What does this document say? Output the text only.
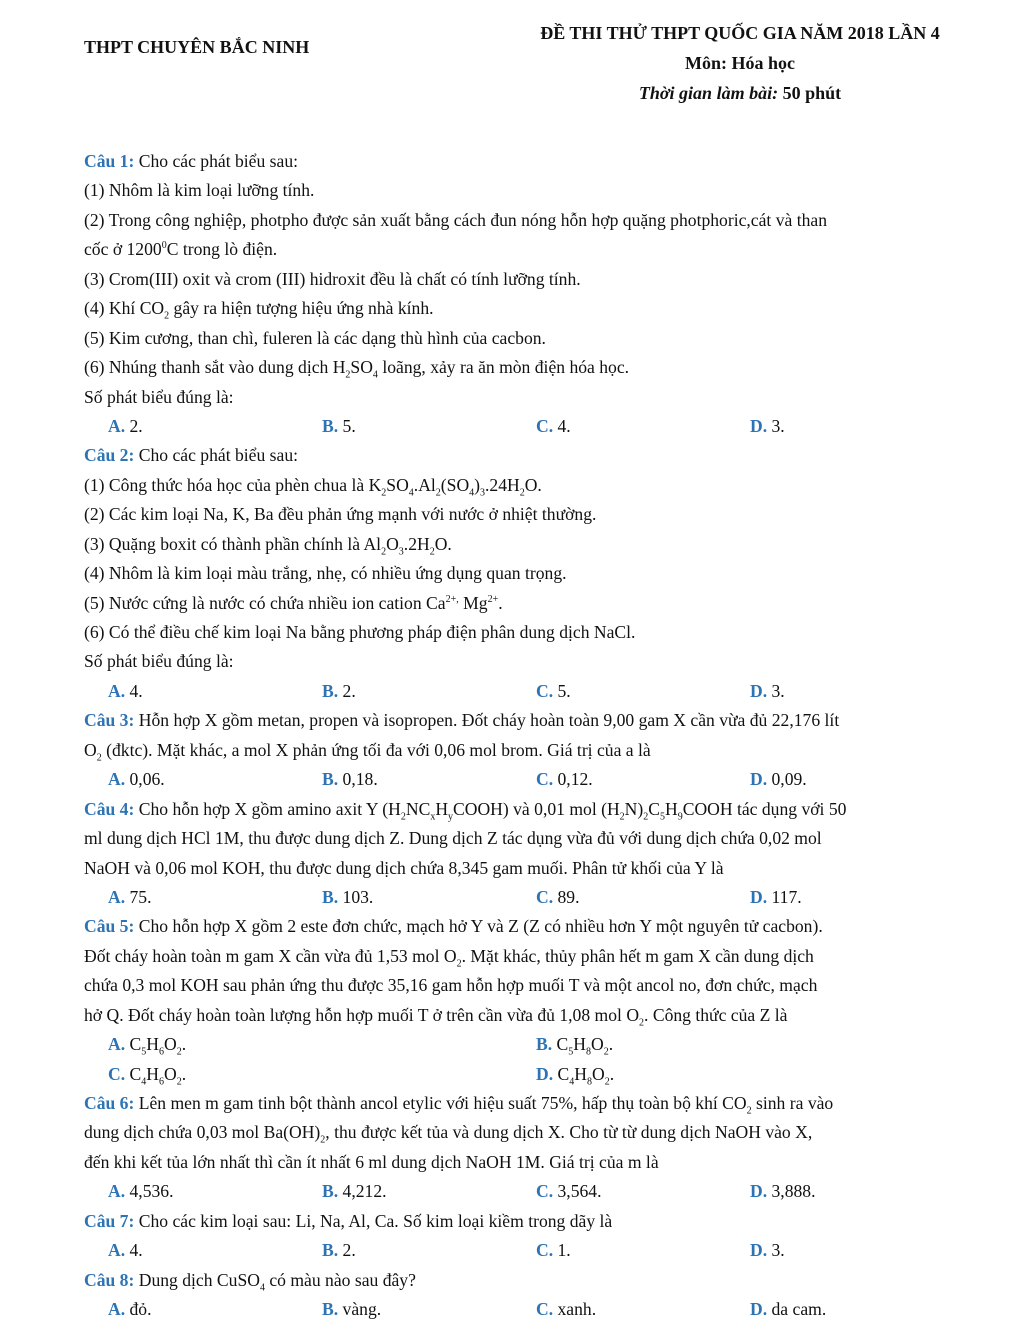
THPT CHUYÊN BẮC NINH
ĐỀ THI THỬ THPT QUỐC GIA NĂM 2018 LẦN 4
Môn: Hóa học
Thời gian làm bài: 50 phút
Câu 1: Cho các phát biểu sau:
(1) Nhôm là kim loại lưỡng tính.
(2) Trong công nghiệp, photpho được sản xuất bằng cách đun nóng hỗn hợp quặng photphoric,cát và than
cốc ở 1200$^0$C trong lò điện.
(3) Crom(III) oxit và crom (III) hidroxit đều là chất có tính lưỡng tính.
(4) Khí $CO_2$ gây ra hiện tượng hiệu ứng nhà kính.
(5) Kim cương, than chì, fuleren là các dạng thù hình của cacbon.
(6) Nhúng thanh sắt vào dung dịch $H_2SO_4$ loãng, xảy ra ăn mòn điện hóa học.
Số phát biểu đúng là:
A. 2.	B. 5.	C. 4.	D. 3.
Câu 2: Cho các phát biểu sau:
(1) Công thức hóa học của phèn chua là $K_2SO_4.Al_2(SO_4)_3.24H_2O$.
(2) Các kim loại Na, K, Ba đều phản ứng mạnh với nước ở nhiệt thường.
(3) Quặng boxit có thành phần chính là $Al_2O_3.2H_2O$.
(4) Nhôm là kim loại màu trắng, nhẹ, có nhiều ứng dụng quan trọng.
(5) Nước cứng là nước có chứa nhiều ion cation $Ca^{2+,}$ $Mg^{2+}$.
(6) Có thể điều chế kim loại Na bằng phương pháp điện phân dung dịch NaCl.
Số phát biểu đúng là:
A. 4.	B. 2.	C. 5.	D. 3.
Câu 3: Hỗn hợp X gồm metan, propen và isopropen. Đốt cháy hoàn toàn 9,00 gam X cần vừa đủ 22,176 lít
$O_2$ (đktc). Mặt khác, a mol X phản ứng tối đa với 0,06 mol brom. Giá trị của a là
A. 0,06.	B. 0,18.	C. 0,12.	D. 0,09.
Câu 4: Cho hỗn hợp X gồm amino axit Y $(H_2NC_xH_yCOOH)$ và 0,01 mol $(H_2N)_2C_5H_9COOH$ tác dụng với 50
ml dung dịch HCl 1M, thu được dung dịch Z. Dung dịch Z tác dụng vừa đủ với dung dịch chứa 0,02 mol
NaOH và 0,06 mol KOH, thu được dung dịch chứa 8,345 gam muối. Phân tử khối của Y là
A. 75.	B. 103.	C. 89.	D. 117.
Câu 5: Cho hỗn hợp X gồm 2 este đơn chức, mạch hở Y và Z (Z có nhiều hơn Y một nguyên tử cacbon).
Đốt cháy hoàn toàn m gam X cần vừa đủ 1,53 mol $O_2$. Mặt khác, thủy phân hết m gam X cần dung dịch
chứa 0,3 mol KOH sau phản ứng thu được 35,16 gam hỗn hợp muối T và một ancol no, đơn chức, mạch
hở Q. Đốt cháy hoàn toàn lượng hỗn hợp muối T ở trên cần vừa đủ 1,08 mol $O_2$. Công thức của Z là
A. $C_5H_6O_2$.	B. $C_5H_8O_2$.
C. $C_4H_6O_2$.	D. $C_4H_8O_2$.
Câu 6: Lên men m gam tinh bột thành ancol etylic với hiệu suất 75%, hấp thụ toàn bộ khí $CO_2$ sinh ra vào
dung dịch chứa 0,03 mol $Ba(OH)_2$, thu được kết tủa và dung dịch X. Cho từ từ dung dịch NaOH vào X,
đến khi kết tủa lớn nhất thì cần ít nhất 6 ml dung dịch NaOH 1M. Giá trị của m là
A. 4,536.	B. 4,212.	C. 3,564.	D. 3,888.
Câu 7: Cho các kim loại sau: Li, Na, Al, Ca. Số kim loại kiềm trong dãy là
A. 4.	B. 2.	C. 1.	D. 3.
Câu 8: Dung dịch CuSO$_4$ có màu nào sau đây?
A. đỏ.	B. vàng.	C. xanh.	D. da cam.
